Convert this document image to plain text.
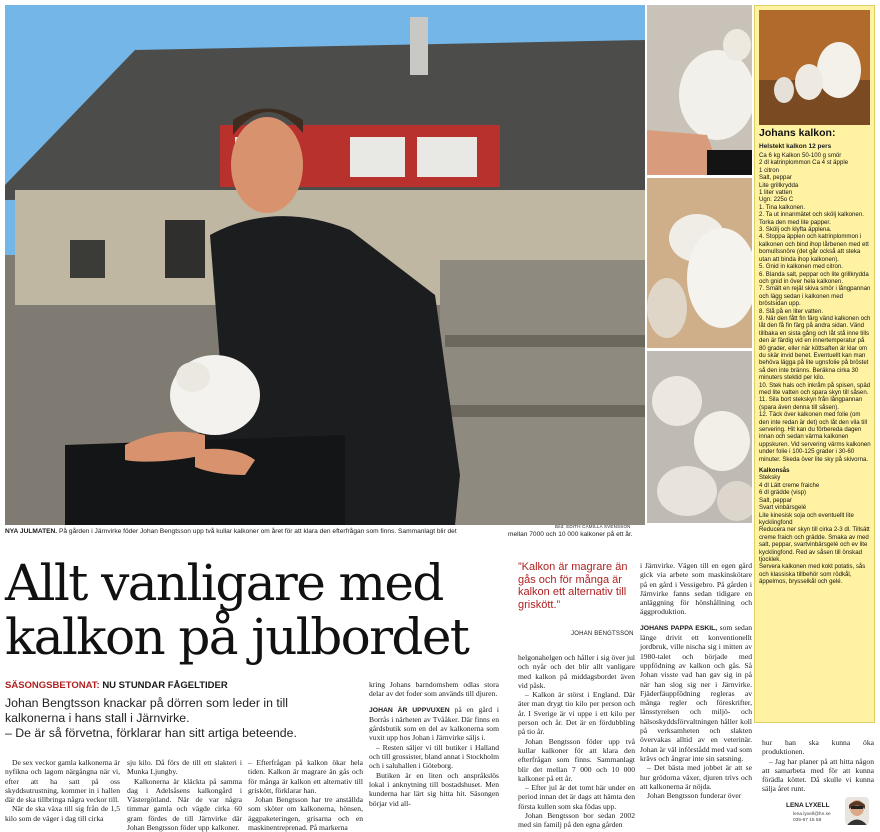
Johans kalkon:
Helstekt kalkon 12 pers
Ca 6 kg Kalkon 50-100 g smör
2 dl katrinplommon Ca 4 st äpple
1 citron
Salt, peppar
Lite grillkrydda
1 liter vatten
Ugn: 225o C
1. Tina kalkonen.
2. Ta ut innanmätet och skölj kalkonen. Torka den med lite papper.
3. Skölj och klyfta äpplena.
4. Stoppa äpplen och katrinplommon i kalkonen och bind ihop lårbenen med ett bomullssnöre (det går också att steka utan att binda ihop kalkonen).
5. Gnid in kalkonen med citron.
6. Blanda salt, peppar och lite grillkrydda och gnid in över hela kalkonen.
7. Smält en rejäl skiva smör i långpannan och lägg sedan i kalkonen med bröstsidan upp.
8. Slå på en liter vatten.
9. När den fått fin färg vänd kalkonen och låt den få fin färg på andra sidan. Vänd tillbaka en sista gång och låt stå inne tills den är färdig vid en innertemperatur på 80 grader, eller när köttsaften är klar om du skär invid benet. Eventuellt kan man behöva lägga på lite ugnsfolie på bröstet så den inte bränns. Beräkna cirka 30 minuters stektid per kilo.
10. Stek hals och inkråm på spisen, späd med lite vatten och spara skyn till såsen.
11. Sila bort stekskyn från långpannan (spara även denna till såsen).
12. Täck över kalkonen med folie (om den inte redan är det) och låt den vila till servering. Hit kan du förbereda dagen innan och sedan värma kalkonen uppskuren. Vid servering värms kalkonen under folie i 100-125 grader i 30-60 minuter. Skeda över lite sky på skivorna.
Kalkonsås
Steksky
4 dl Lätt creme fraiche
6 dl grädde (visp)
Salt, peppar
Svart vinbärsgelé
Lite kinesisk soja och eventuellt lite kycklingfond
Reducera ner skyn till cirka 2-3 dl. Tillsätt creme fraich och grädde. Smaka av med salt, peppar, svartvinbärsgelé och ev lite kycklingfond. Red av såsen till önskad tjocklek.
Servera kalkonen med kokt potatis, sås och klassiska tillbehör som rödkål, äppelmos, brysselkål och gelé.
Bild: EDITH CAMILLA SVENSSON
NYA JULMATEN. På gården i Järnvirke föder Johan Bengtsson upp två kullar kalkoner om året för att klara den efterfrågan som finns. Sammanlagt blir det	mellan 7000 och 10 000 kalkoner på ett år.
Allt vanligare med kalkon på julbordet
SÄSONGSBETONAT: NU STUNDAR FÅGELTIDER
Johan Bengtsson knackar på dörren som leder in till kalkonerna i hans stall i Järnvirke.
– De är så förvetna, förklarar han sitt artiga beteende.

De sex veckor gamla kalkonerna är nyfikna och lagom närgångna när vi, efter att ha satt på oss skyddsutrustning, kommer in i hallen där de ska tillbringa några veckor till.

När de ska växa till sig från de 1,5 kilo som de väger i dag till cirka

sju kilo. Då förs de till ett slakteri i Munka Ljungby.

Kalkonerna är kläckta på samma dag i Adelsåsens kalkongård i Västergötland. När de var några timmar gamla och vägde cirka 60 gram fördes de till Järnvirke där Johan Bengtsson föder upp kalkoner.

– Efterfrågan på kalkon ökar hela tiden. Kalkon är magrare än gås och för många är kalkon ett alternativ till griskött, förklarar han.

Johan Bengtsson har tre anställda som sköter om kalkonerna, hönsen, äggpaketeringen, grisarna och en maskinentreprenad. På markerna

kring Johans barndomshem odlas stora delar av det foder som används till djuren.

JOHAN ÄR UPPVUXEN på en gård i Borrås i närheten av Tvååker. Där finns en gårdsbutik som en del av kalkonerna som vuxit upp hos Johan i Järnvirke säljs i.

– Resten säljer vi till butiker i Halland och till grossister, bland annat i Stockholm och i saluhallen i Göteborg.

Butiken är en liten och anspråkslös lokal i anknytning till bostadshuset. Men kunderna har lärt sig hitta hit. Säsongen börjar vid all-

”Kalkon är magrare än gås och för många är kalkon ett alternativ till griskött.”
JOHAN BENGTSSON

helgonahelgen och håller i sig över jul och nyår och det blir allt vanligare med kalkon på middagsbordet även vid påsk.

– Kalkon är störst i England. Där äter man drygt tio kilo per person och år. I Sverige är vi uppe i ett kilo per person och år. Det är en fördubbling på tio år.

Johan Bengtsson föder upp två kullar kalkoner för att klara den efterfrågan som finns. Sammanlagt blir det mellan 7 000 och 10 000 kalkoner på ett år.

– Efter jul är det tomt här under en period innan det är dags att hämta den första kullen som ska födas upp.

Johan Bengtsson bor sedan 2002 med sin familj på den egna gården

i Järnvirke. Vägen till en egen gård gick via arbete som maskinskötare på en gård i Vessigebro. På gården i Järnvirke fanns sedan tidigare en anläggning för hönshållning och äggproduktion.

JOHANS PAPPA ESKIL, som sedan länge drivit ett konventionellt jordbruk, ville nischa sig i mitten av 1980-talet och började med uppfödning av kalkon och gås. Så Johan visste vad han gav sig in på när han slog sig ner i Järnvirke. Fjäderfäuppfödning regleras av många regler och föreskrifter, lånsstyrelsen och miljö- och hälsoskyddsförvaltningen håller koll på verksamheten och slakten övervakas alltid av en veterinär. Johan är väl införstådd med vad som krävs och ångrar inte sin satsning.

– Det bästa med jobbet är att se hur grödorna växer, djuren trivs och att kalkonerna är nöjda.

Johan Bengtsson funderar över

hur han ska kunna öka produktionen.

– Jag har planer på att hitta någon att samarbeta med för att kunna förädla köttet. Då skulle vi kunna sälja året runt.

LENA LYXELL
lena.lyxell@hn.se
035-67 15 58
